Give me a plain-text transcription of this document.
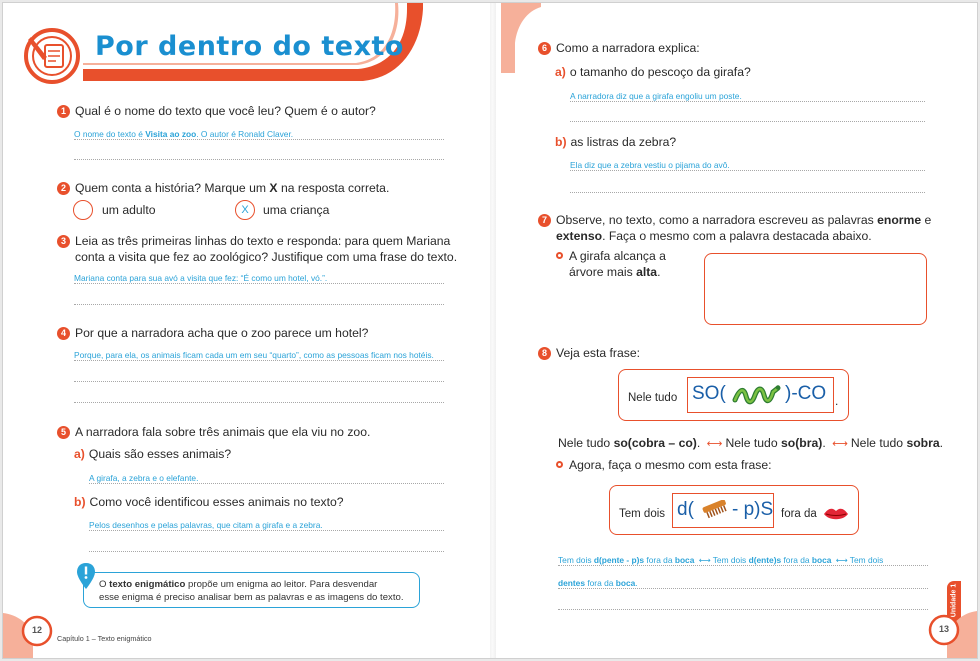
Por dentro do texto
1 Qual é o nome do texto que você leu? Quem é o autor?
O nome do texto é Visita ao zoo. O autor é Ronald Claver.
2 Quem conta a história? Marque um X na resposta correta.
um adulto	X	uma criança
3 Leia as três primeiras linhas do texto e responda: para quem Mariana
conta a visita que fez ao zoológico? Justifique com uma frase do texto.
Mariana conta para sua avó a visita que fez: “É como um hotel, vó.”.
4 Por que a narradora acha que o zoo parece um hotel?
Porque, para ela, os animais ficam cada um em seu “quarto”, como as pessoas ficam nos hotéis.
5 A narradora fala sobre três animais que ela viu no zoo.
a) Quais são esses animais?
A girafa, a zebra e o elefante.
b) Como você identificou esses animais no texto?
Pelos desenhos e pelas palavras, que citam a girafa e a zebra.
O texto enigmático propõe um enigma ao leitor. Para desvendar
esse enigma é preciso analisar bem as palavras e as imagens do texto.
12
Capítulo 1 – Texto enigmático
6 Como a narradora explica:
a) o tamanho do pescoço da girafa?
A narradora diz que a girafa engoliu um poste.
b) as listras da zebra?
Ela diz que a zebra vestiu o pijama do avô.
7 Observe, no texto, como a narradora escreveu as palavras enorme e
extenso. Faça o mesmo com a palavra destacada abaixo.
A girafa alcança a
árvore mais alta.
8 Veja esta frase:
Nele tudo SO(	)-CO .
Nele tudo so(cobra – co). ⟷ Nele tudo so(bra). ⟷ Nele tudo sobra.
Agora, faça o mesmo com esta frase:
Tem dois d( - p)S fora da
Tem dois d(pente - p)s fora da boca ⟷ Tem dois d(ente)s fora da boca ⟷ Tem dois
dentes fora da boca.
Unidade 1
13
